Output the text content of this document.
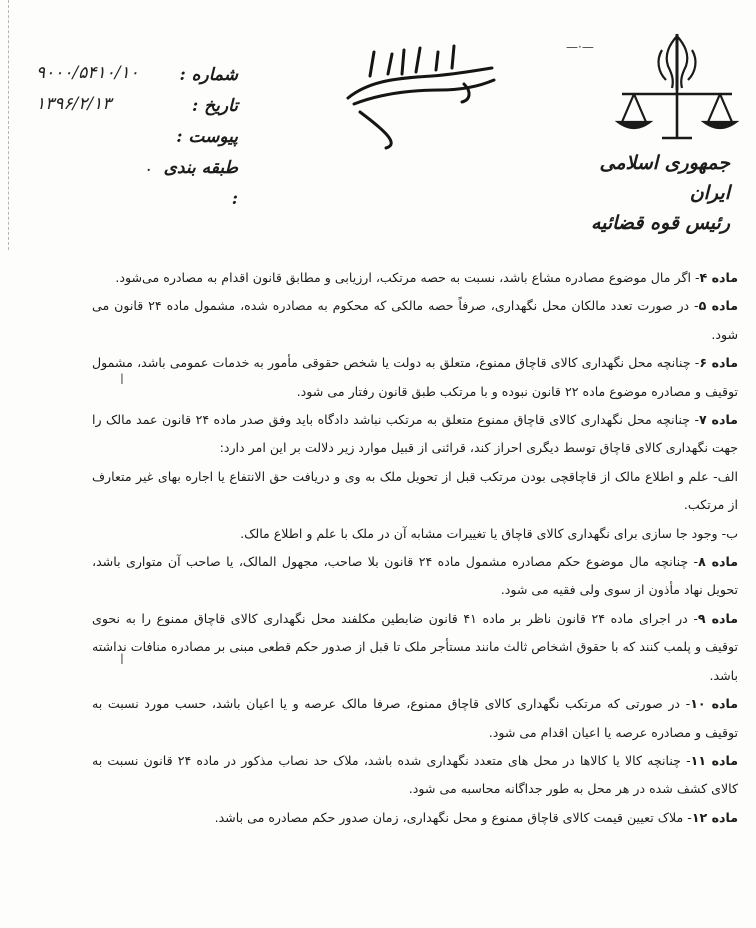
—·—
جمهوری اسلامی ایران
رئیس قوه قضائیه
شماره :
تاریخ :
پیوست :
طبقه بندی :
۹۰۰۰/۵۴۱۰/۱۰
۱۳۹۶/۲/۱۳
.
ا
ا

ماده ۴- اگر مال موضوع مصادره مشاع باشد، نسبت به حصه مرتکب، ارزیابی و مطابق قانون اقدام به مصادره می‌شود.

ماده ۵- در صورت تعدد مالکان محل نگهداری، صرفاً حصه مالکی که محکوم به مصادره شده، مشمول ماده ۲۴ قانون می شود.

ماده ۶- چنانچه محل نگهداری کالای قاچاق ممنوع، متعلق به دولت یا شخص حقوقی مأمور به خدمات عمومی باشد، مشمول توقیف و مصادره موضوع ماده ۲۲ قانون نبوده و با مرتکب طبق قانون رفتار می شود.

ماده ۷- چنانچه محل نگهداری کالای قاچاق ممنوع متعلق به مرتکب نباشد دادگاه باید وفق صدر ماده ۲۴ قانون عمد مالک را جهت نگهداری کالای قاچاق توسط دیگری احراز کند، قرائنی از قبیل موارد زیر دلالت بر این امر دارد:

الف- علم و اطلاع مالک از قاچاقچی بودن مرتکب قبل از تحویل ملک به وی و دریافت حق الانتفاع یا اجاره بهای غیر متعارف از مرتکب.

ب- وجود جا سازی برای نگهداری کالای قاچاق یا تغییرات مشابه آن در ملک با علم و اطلاع مالک.

ماده ۸- چنانچه مال موضوع حکم مصادره مشمول ماده ۲۴ قانون بلا صاحب، مجهول المالک، یا صاحب آن متواری باشد، تحویل نهاد مأذون از سوی ولی فقیه می شود.

ماده ۹- در اجرای ماده ۲۴ قانون ناظر بر ماده ۴۱ قانون ضابطین مکلفند محل نگهداری کالای قاچاق ممنوع را به نحوی توقیف و پلمب کنند که با حقوق اشخاص ثالث مانند مستأجر ملک تا قبل از صدور حکم قطعی مبنی بر مصادره منافات نداشته باشد.

ماده ۱۰- در صورتی که مرتکب نگهداری کالای قاچاق ممنوع، صرفا مالک عرصه و یا اعیان باشد، حسب مورد نسبت به توقیف و مصادره عرصه یا اعیان اقدام می شود.

ماده ۱۱- چنانچه کالا یا کالاها در محل های متعدد نگهداری شده باشد، ملاک حد نصاب مذکور در ماده ۲۴ قانون نسبت به کالای کشف شده در هر محل به طور جداگانه محاسبه می شود.

ماده ۱۲- ملاک تعیین قیمت کالای قاچاق ممنوع و محل نگهداری، زمان صدور حکم مصادره می باشد.
